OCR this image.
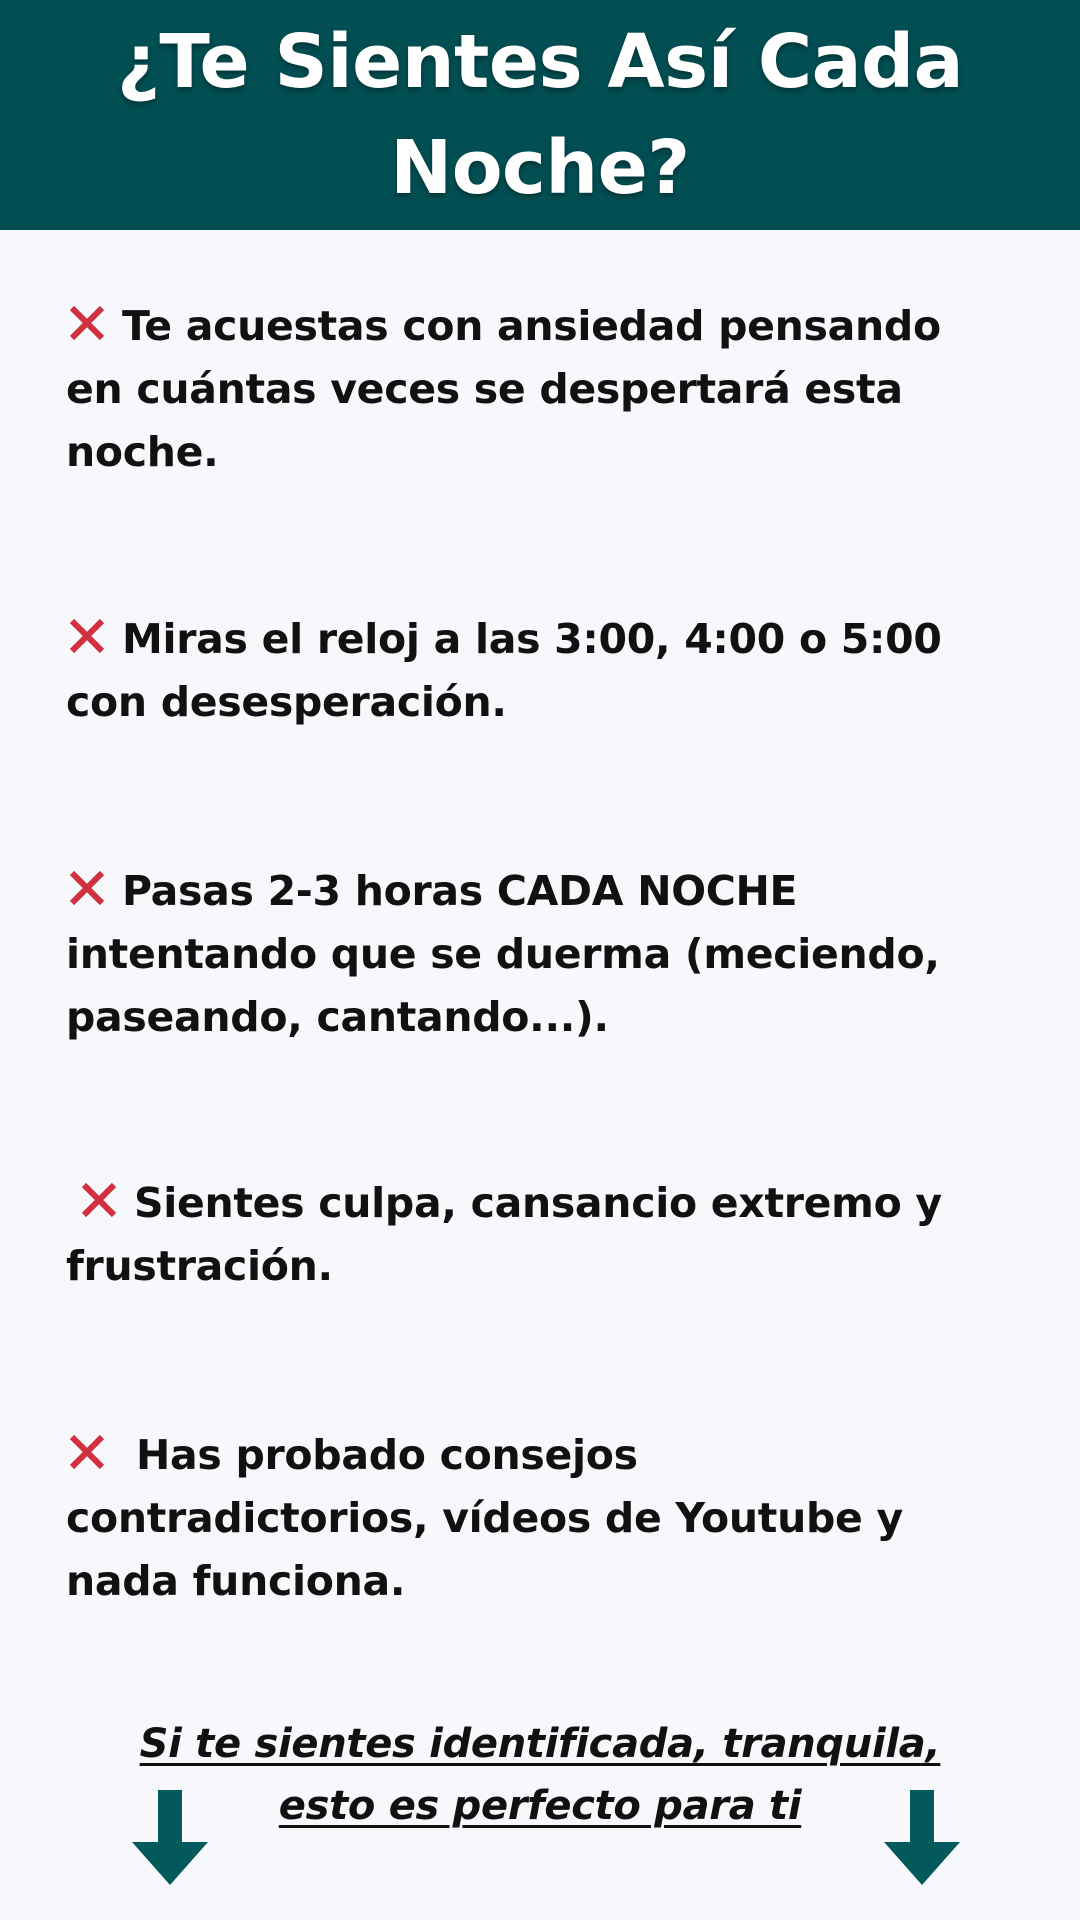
¿Te Sientes Así Cada
Noche?

Te acuestas con ansiedad pensando en cuántas veces se despertará esta noche.

Miras el reloj a las 3:00, 4:00 o 5:00 con desesperación.

Pasas 2-3 horas CADA NOCHE intentando que se duerma (meciendo, paseando, cantando...).

Sientes culpa, cansancio extremo y frustración.

Has probado consejos contradictorios, vídeos de Youtube y nada funciona.

Si te sientes identificada, tranquila,
esto es perfecto para ti
